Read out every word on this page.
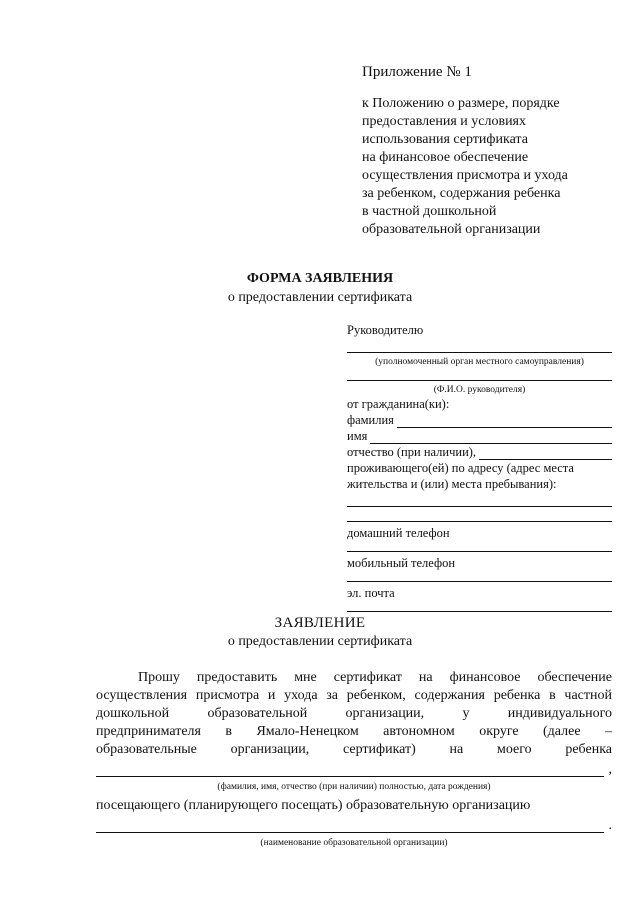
Приложение № 1
к Положению о размере, порядке
предоставления и условиях
использования сертификата
на финансовое обеспечение
осуществления присмотра и ухода
за ребенком, содержания ребенка
в частной дошкольной
образовательной организации
ФОРМА ЗАЯВЛЕНИЯ
о предоставлении сертификата
Руководителю
(уполномоченный орган местного самоуправления)
(Ф.И.О. руководителя)
от гражданина(ки):
фамилия
имя
отчество (при наличии),
проживающего(ей) по адресу (адрес места
жительства и (или) места пребывания):
домашний телефон
мобильный телефон
эл. почта
ЗАЯВЛЕНИЕ
о предоставлении сертификата
Прошу предоставить мне сертификат на финансовое обеспечение
осуществления присмотра и ухода за ребенком, содержания ребенка в частной
дошкольной образовательной организации, у индивидуального
предпринимателя в Ямало-Ненецком автономном округе (далее –
образовательные организации, сертификат) на моего ребенка
,
(фамилия, имя, отчество (при наличии) полностью, дата рождения)
посещающего (планирующего посещать) образовательную организацию
.
(наименование образовательной организации)
